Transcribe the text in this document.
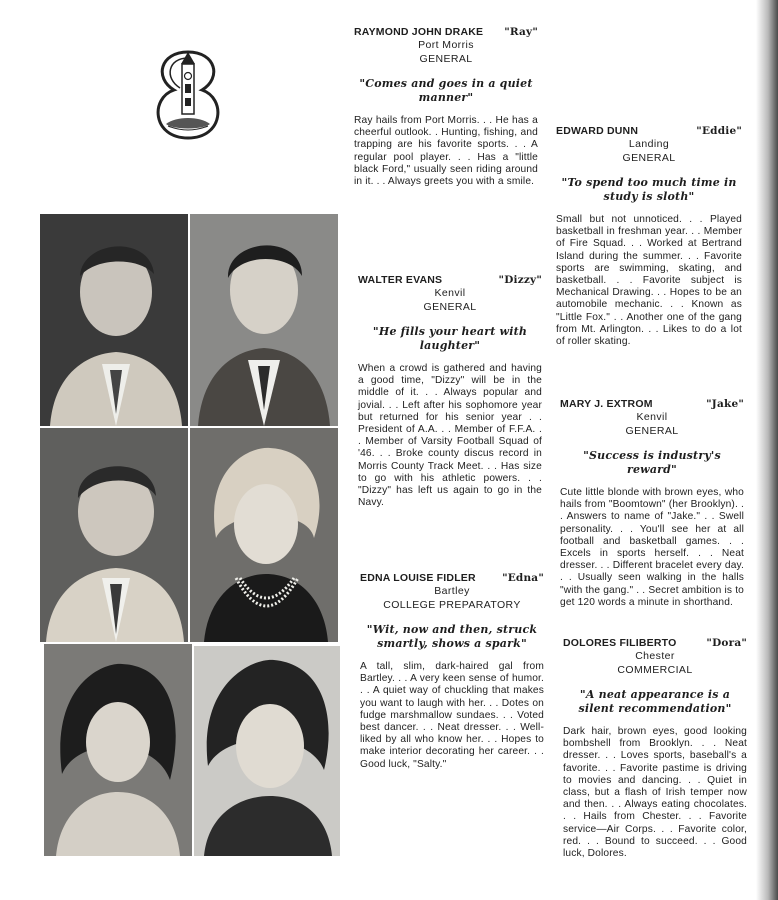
RAYMOND JOHN DRAKE "Ray"
Port Morris
GENERAL
"Comes and goes in a quiet manner"
Ray hails from Port Morris. . . He has a cheerful outlook. . Hunting, fishing, and trapping are his favorite sports. . . A regular pool player. . . Has a "little black Ford," usually seen riding around in it. . . Always greets you with a smile.
WALTER EVANS	"Dizzy"
Kenvil
GENERAL
"He fills your heart with laughter"
When a crowd is gathered and having a good time, "Dizzy" will be in the middle of it. . . Always popular and jovial. . . Left after his sophomore year but returned for his senior year . . President of A.A. . . Member of F.F.A. . . Member of Varsity Football Squad of '46. . . Broke county discus record in Morris County Track Meet. . . Has size to go with his athletic powers. . . "Dizzy" has left us again to go in the Navy.
EDNA LOUISE FIDLER	"Edna"
Bartley
COLLEGE PREPARATORY
"Wit, now and then, struck smartly, shows a spark"
A tall, slim, dark-haired gal from Bartley. . . A very keen sense of humor. . . A quiet way of chuckling that makes you want to laugh with her. . . Dotes on fudge marshmallow sundaes. . . Voted best dancer. . . Neat dresser. . . Well-liked by all who know her. . . Hopes to make interior decorating her career. . . Good luck, "Salty."
EDWARD DUNN	"Eddie"
Landing
GENERAL
"To spend too much time in study is sloth"
Small but not unnoticed. . . Played basketball in freshman year. . . Member of Fire Squad. . . Worked at Bertrand Island during the summer. . . Favorite sports are swimming, skating, and basketball. . . Favorite subject is Mechanical Drawing. . . Hopes to be an automobile mechanic. . . Known as "Little Fox." . . Another one of the gang from Mt. Arlington. . . Likes to do a lot of roller skating.
MARY J. EXTROM	"Jake"
Kenvil
GENERAL
"Success is industry's reward"
Cute little blonde with brown eyes, who hails from "Boomtown" (her Brooklyn). . . Answers to name of "Jake." . . Swell personality. . . You'll see her at all football and basketball games. . . Excels in sports herself. . . Neat dresser. . . Different bracelet every day. . . Usually seen walking in the halls "with the gang." . . Secret ambition is to get 120 words a minute in shorthand.
DOLORES FILIBERTO	"Dora"
Chester
COMMERCIAL
"A neat appearance is a silent recommendation"
Dark hair, brown eyes, good looking bombshell from Brooklyn. . . Neat dresser. . . Loves sports, baseball's a favorite. . . Favorite pastime is driving to movies and dancing. . . Quiet in class, but a flash of Irish temper now and then. . . Always eating chocolates. . . Hails from Chester. . . Favorite service—Air Corps. . . Favorite color, red. . . Bound to succeed. . . Good luck, Dolores.
